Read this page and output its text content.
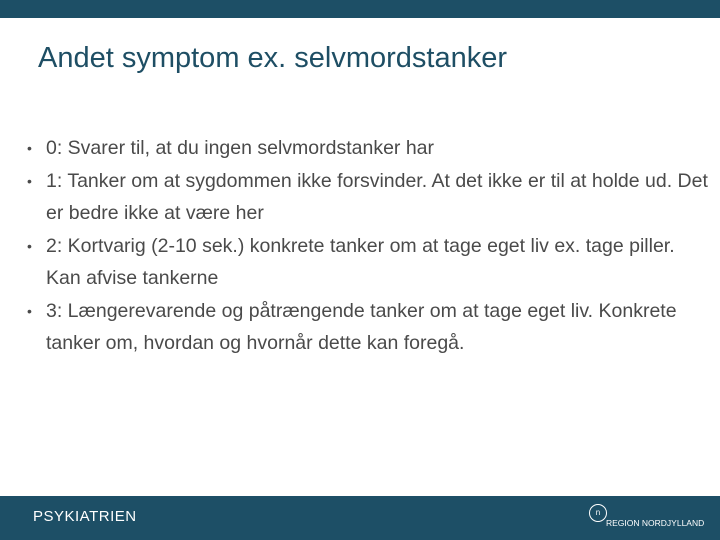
Andet symptom ex. selvmordstanker
• 0: Svarer til, at du ingen selvmordstanker har
• 1: Tanker om at sygdommen ikke forsvinder. At det ikke er til at holde ud. Det er bedre ikke at være her
• 2: Kortvarig (2-10 sek.) konkrete tanker om at tage eget liv ex. tage piller. Kan afvise tankerne
• 3: Længerevarende og påtrængende tanker om at tage eget liv. Konkrete tanker om, hvordan og hvornår dette kan foregå.
PSYKIATRIEN	n
REGION NORDJYLLAND
